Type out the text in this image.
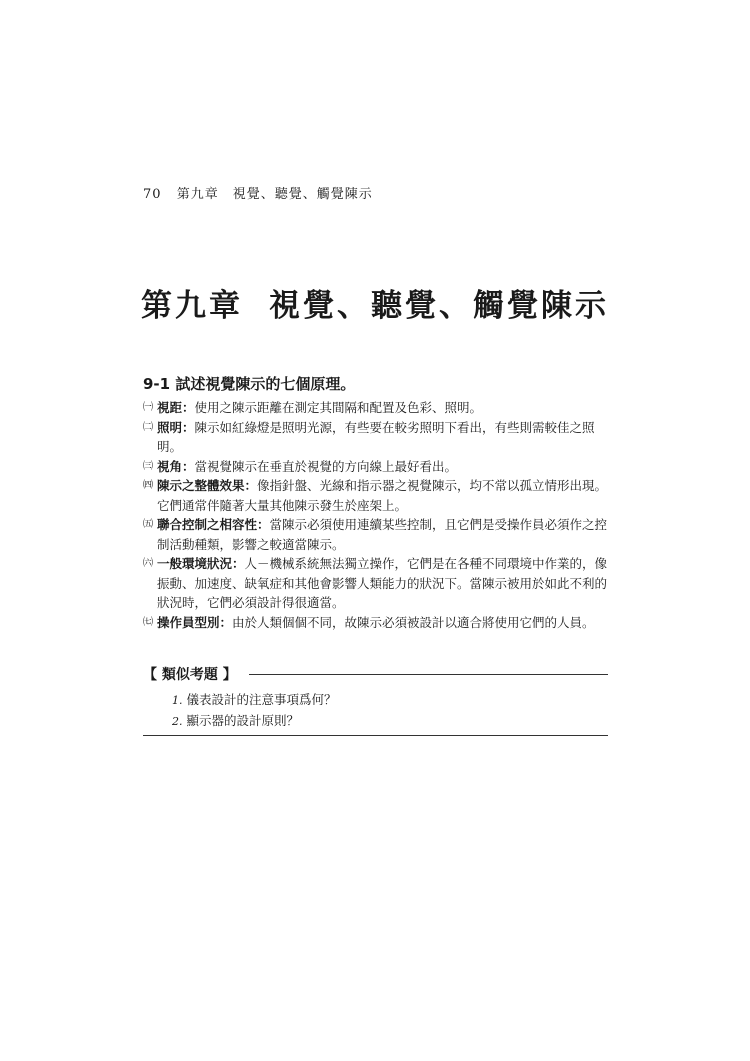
70 第九章　視覺、聽覺、觸覺陳示
第九章 視覺、聽覺、觸覺陳示
9-1 試述視覺陳示的七個原理。
㈠ 視距：使用之陳示距離在測定其間隔和配置及色彩、照明。
㈡ 照明：陳示如紅綠燈是照明光源，有些要在較劣照明下看出，有些則需較佳之照明。
㈢ 視角：當視覺陳示在垂直於視覺的方向線上最好看出。
㈣ 陳示之整體效果：像指針盤、光線和指示器之視覺陳示，均不常以孤立情形出現。它們通常伴隨著大量其他陳示發生於座架上。
㈤ 聯合控制之相容性：當陳示必須使用連續某些控制，且它們是受操作員必須作之控制活動種類，影響之較適當陳示。
㈥ 一般環境狀況：人－機械系統無法獨立操作，它們是在各種不同環境中作業的，像振動、加速度、缺氧症和其他會影響人類能力的狀況下。當陳示被用於如此不利的狀況時，它們必須設計得很適當。
㈦ 操作員型別：由於人類個個不同，故陳示必須被設計以適合將使用它們的人員。
【 類似考題 】
1. 儀表設計的注意事項爲何？
2. 顯示器的設計原則？
